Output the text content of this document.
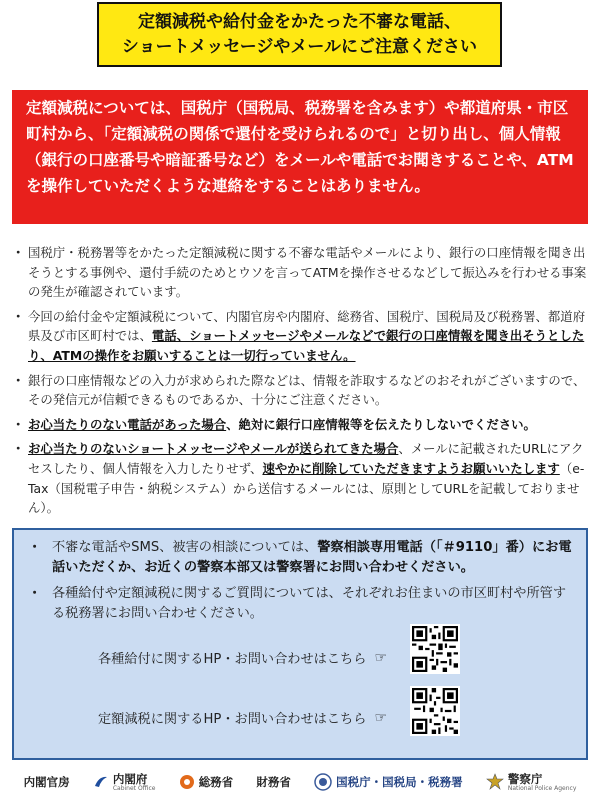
定額減税や給付金をかたった不審な電話、
ショートメッセージやメールにご注意ください
定額減税については、国税庁（国税局、税務署を含みます）や都道府県・市区町村から、「定額減税の関係で還付を受けられるので」と切り出し、個人情報（銀行の口座番号や暗証番号など）をメールや電話でお聞きすることや、ATMを操作していただくような連絡をすることはありません。
・ 国税庁・税務署等をかたった定額減税に関する不審な電話やメールにより、銀行の口座情報を聞き出そうとする事例や、還付手続のためとウソを言ってATMを操作させるなどして振込みを行わせる事案の発生が確認されています。
・ 今回の給付金や定額減税について、内閣官房や内閣府、総務省、国税庁、国税局及び税務署、都道府県及び市区町村では、電話、ショートメッセージやメールなどで銀行の口座情報を聞き出そうとしたり、ATMの操作をお願いすることは一切行っていません。
・ 銀行の口座情報などの入力が求められた際などは、情報を詐取するなどのおそれがございますので、その発信元が信頼できるものであるか、十分にご注意ください。
・ お心当たりのない電話があった場合、絶対に銀行口座情報等を伝えたりしないでください。
・ お心当たりのないショートメッセージやメールが送られてきた場合、メールに記載されたURLにアクセスしたり、個人情報を入力したりせず、速やかに削除していただきますようお願いいたします（e-Tax（国税電子申告・納税システム）から送信するメールには、原則としてURLを記載しておりません）。
・ 不審な電話やSMS、被害の相談については、警察相談専用電話（「＃9110」番）にお電話いただくか、お近くの警察本部又は警察署にお問い合わせください。
・ 各種給付や定額減税に関するご質問については、それぞれお住まいの市区町村や所管する税務署にお問い合わせください。
各種給付に関するHP・お問い合わせはこちら ☞
定額減税に関するHP・お問い合わせはこちら ☞
内閣官房	内閣府
Cabinet Office	総務省 財務省	国税庁・国税局・税務署	警察庁
National Police Agency
